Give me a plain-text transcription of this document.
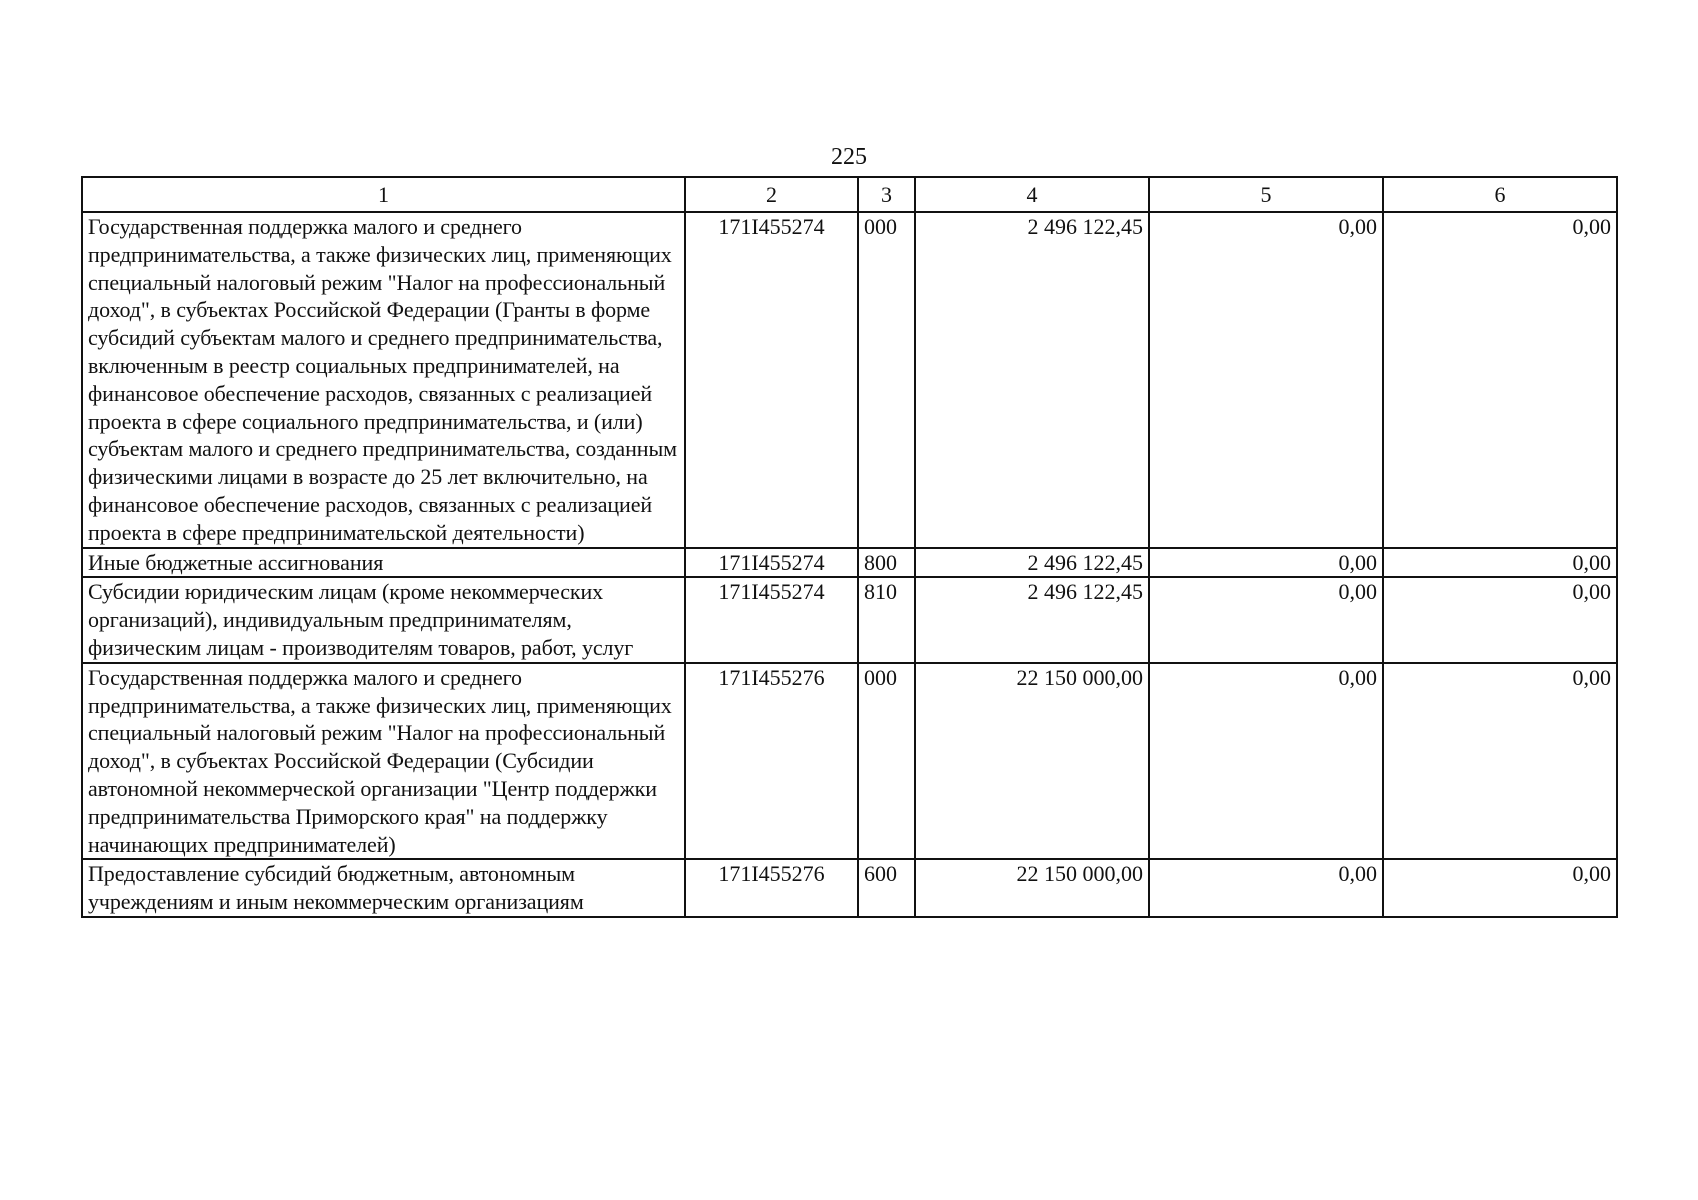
225
1	2	3	4	5	6
Государственная поддержка малого и среднего предпринимательства, а также физических лиц, применяющих специальный налоговый режим "Налог на профессиональный доход", в субъектах Российской Федерации (Гранты в форме субсидий субъектам малого и среднего предпринимательства, включенным в реестр социальных предпринимателей, на финансовое обеспечение расходов, связанных с реализацией проекта в сфере социального предпринимательства, и (или) субъектам малого и среднего предпринимательства, созданным физическими лицами в возрасте до 25 лет включительно, на финансовое обеспечение расходов, связанных с реализацией проекта в сфере предпринимательской деятельности)	171I455274	000	2 496 122,45	0,00	0,00
Иные бюджетные ассигнования	171I455274	800	2 496 122,45	0,00	0,00
Субсидии юридическим лицам (кроме некоммерческих организаций), индивидуальным предпринимателям, физическим лицам - производителям товаров, работ, услуг	171I455274	810	2 496 122,45	0,00	0,00
Государственная поддержка малого и среднего предпринимательства, а также физических лиц, применяющих специальный налоговый режим "Налог на профессиональный доход", в субъектах Российской Федерации (Субсидии автономной некоммерческой организации "Центр поддержки предпринимательства Приморского края" на поддержку начинающих предпринимателей)	171I455276	000	22 150 000,00	0,00	0,00
Предоставление субсидий бюджетным, автономным учреждениям и иным некоммерческим организациям	171I455276	600	22 150 000,00	0,00	0,00
